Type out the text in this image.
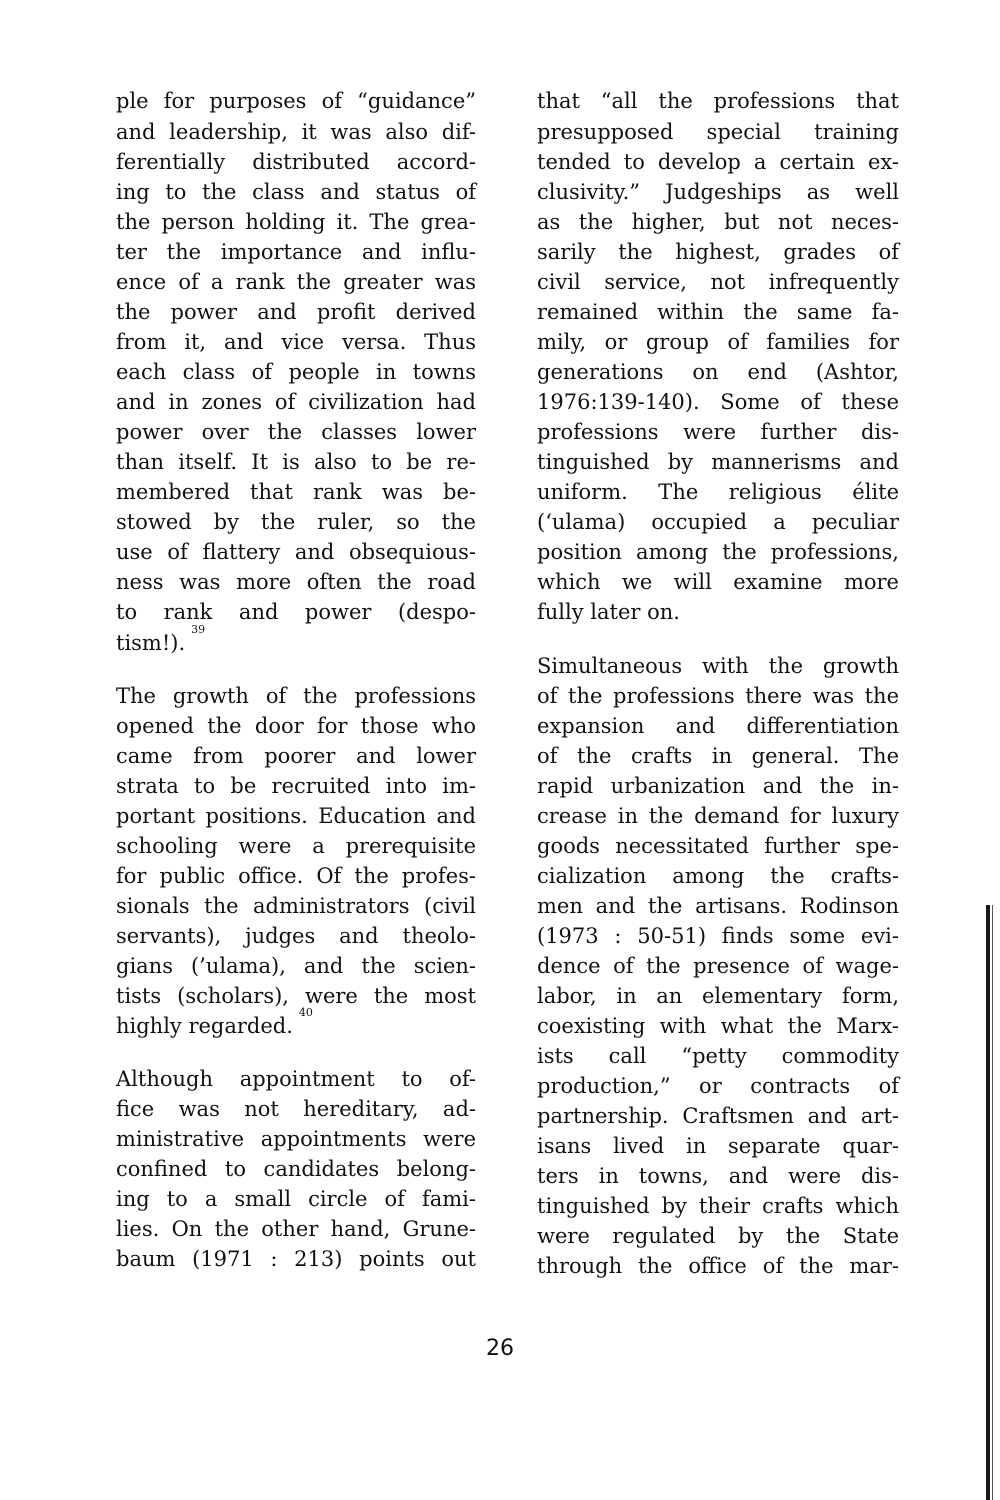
ple for purposes of “guidance”
and leadership, it was also dif-
ferentially distributed accord-
ing to the class and status of
the person holding it. The grea-
ter the importance and influ-
ence of a rank the greater was
the power and profit derived
from it, and vice versa. Thus
each class of people in towns
and in zones of civilization had
power over the classes lower
than itself. It is also to be re-
membered that rank was be-
stowed by the ruler, so the
use of flattery and obsequious-
ness was more often the road
to rank and power (despo-
tism!).$^{39}$
The growth of the professions
opened the door for those who
came from poorer and lower
strata to be recruited into im-
portant positions. Education and
schooling were a prerequisite
for public office. Of the profes-
sionals the administrators (civil
servants), judges and theolo-
gians (’ulama), and the scien-
tists (scholars), were the most
highly regarded.$^{40}$
Although appointment to of-
fice was not hereditary, ad-
ministrative appointments were
confined to candidates belong-
ing to a small circle of fami-
lies. On the other hand, Grune-
baum (1971 : 213) points out
that “all the professions that
presupposed special training
tended to develop a certain ex-
clusivity.” Judgeships as well
as the higher, but not neces-
sarily the highest, grades of
civil service, not infrequently
remained within the same fa-
mily, or group of families for
generations on end (Ashtor,
1976:139-140). Some of these
professions were further dis-
tinguished by mannerisms and
uniform. The religious élite
(‘ulama) occupied a peculiar
position among the professions,
which we will examine more
fully later on.
Simultaneous with the growth
of the professions there was the
expansion and differentiation
of the crafts in general. The
rapid urbanization and the in-
crease in the demand for luxury
goods necessitated further spe-
cialization among the crafts-
men and the artisans. Rodinson
(1973 : 50-51) finds some evi-
dence of the presence of wage-
labor, in an elementary form,
coexisting with what the Marx-
ists call “petty commodity
production,” or contracts of
partnership. Craftsmen and art-
isans lived in separate quar-
ters in towns, and were dis-
tinguished by their crafts which
were regulated by the State
through the office of the mar-
26
